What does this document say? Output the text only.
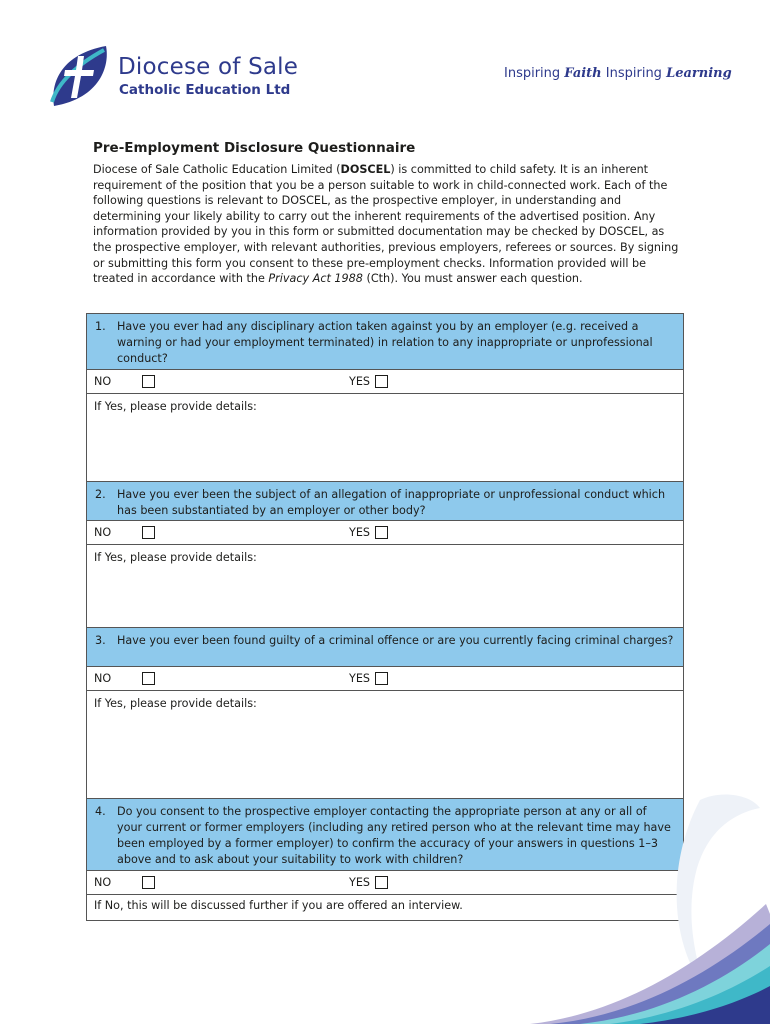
Diocese of Sale
Catholic Education Ltd
Inspiring Faith Inspiring Learning
Pre-Employment Disclosure Questionnaire
Diocese of Sale Catholic Education Limited (DOSCEL) is committed to child safety. It is an inherent requirement of the position that you be a person suitable to work in child-connected work. Each of the following questions is relevant to DOSCEL, as the prospective employer, in understanding and determining your likely ability to carry out the inherent requirements of the advertised position. Any information provided by you in this form or submitted documentation may be checked by DOSCEL, as the prospective employer, with relevant authorities, previous employers, referees or sources. By signing or submitting this form you consent to these pre-employment checks. Information provided will be treated in accordance with the Privacy Act 1988 (Cth). You must answer each question.
1.	Have you ever had any disciplinary action taken against you by an employer (e.g. received a warning or had your employment terminated) in relation to any inappropriate or unprofessional conduct?
NO	YES
If Yes, please provide details:
2.	Have you ever been the subject of an allegation of inappropriate or unprofessional conduct which has been substantiated by an employer or other body?
NO	YES
If Yes, please provide details:
3.	Have you ever been found guilty of a criminal offence or are you currently facing criminal charges?
NO	YES
If Yes, please provide details:
4.	Do you consent to the prospective employer contacting the appropriate person at any or all of your current or former employers (including any retired person who at the relevant time may have been employed by a former employer) to confirm the accuracy of your answers in questions 1–3 above and to ask about your suitability to work with children?
NO	YES
If No, this will be discussed further if you are offered an interview.
